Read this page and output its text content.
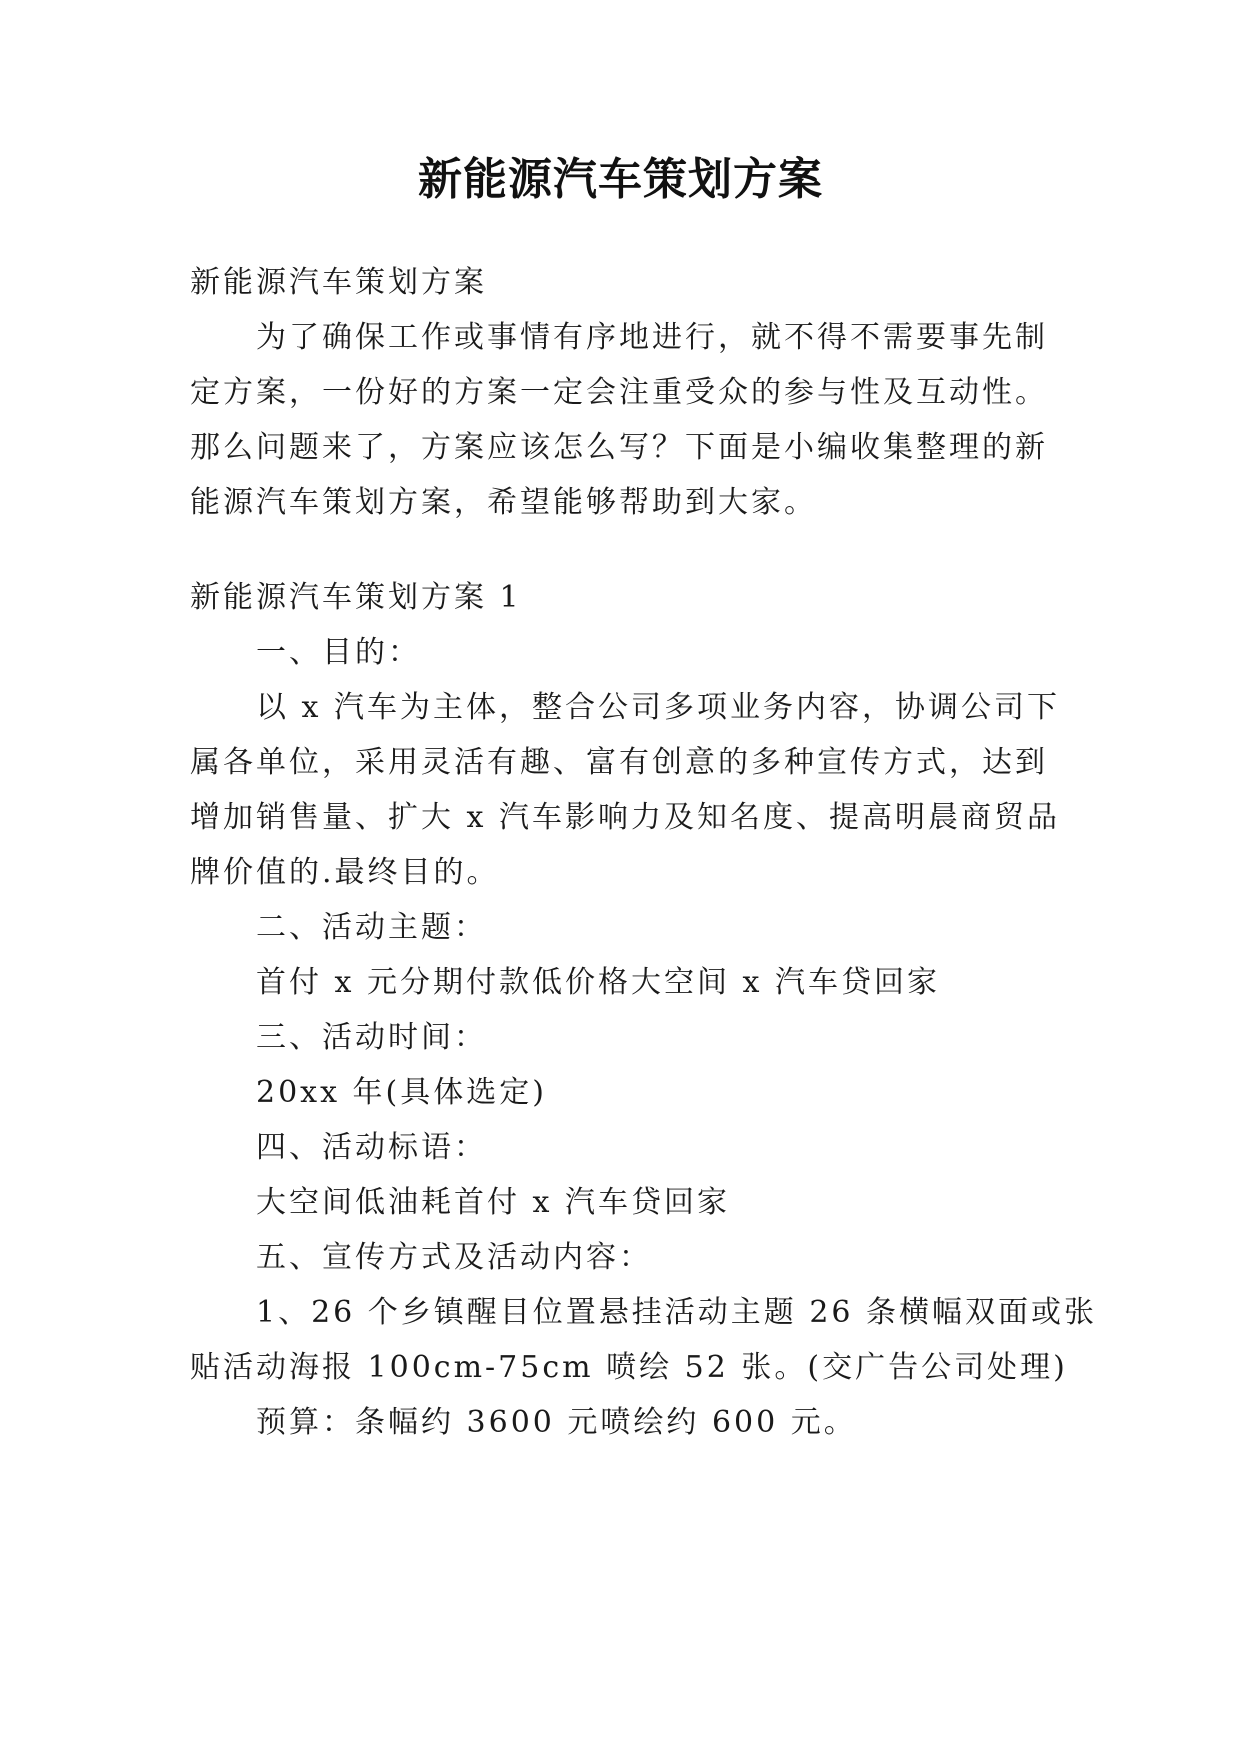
新能源汽车策划方案
新能源汽车策划方案
为了确保工作或事情有序地进行，就不得不需要事先制
定方案，一份好的方案一定会注重受众的参与性及互动性。
那么问题来了，方案应该怎么写？下面是小编收集整理的新
能源汽车策划方案，希望能够帮助到大家。
新能源汽车策划方案 1
一、目的：
以 x 汽车为主体，整合公司多项业务内容，协调公司下
属各单位，采用灵活有趣、富有创意的多种宣传方式，达到
增加销售量、扩大 x 汽车影响力及知名度、提高明晨商贸品
牌价值的.最终目的。
二、活动主题：
首付 x 元分期付款低价格大空间 x 汽车贷回家
三、活动时间：
20xx 年(具体选定)
四、活动标语：
大空间低油耗首付 x 汽车贷回家
五、宣传方式及活动内容：
1、26 个乡镇醒目位置悬挂活动主题 26 条横幅双面或张
贴活动海报 100cm-75cm 喷绘 52 张。(交广告公司处理)
预算：条幅约 3600 元喷绘约 600 元。
